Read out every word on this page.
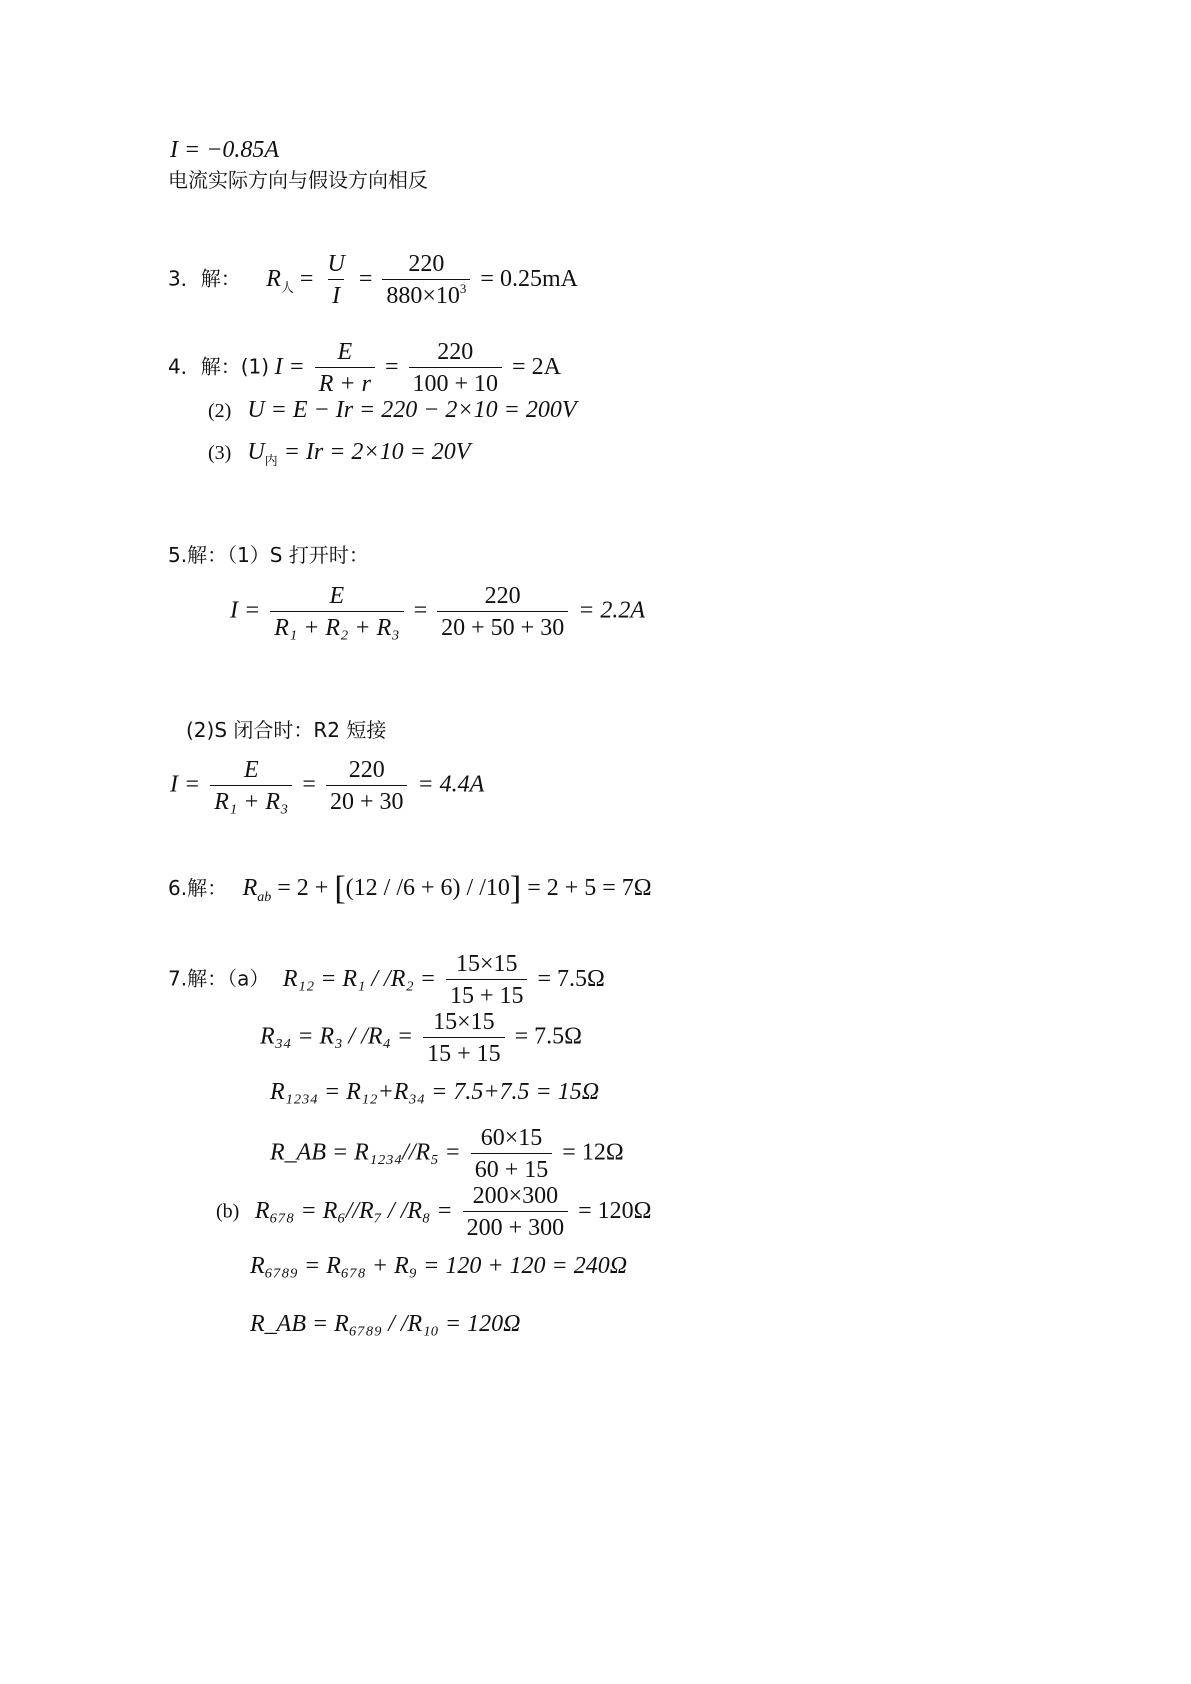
I = −0.85A
电流实际方向与假设方向相反
3．解： $R_人 = \frac{U}{I} = \frac{220}{880\times 10^3} = 0.25mA$
4．解：(1) $I = \frac{E}{R + r} = \frac{220}{100 + 10} = 2A$
(2) U = E − Ir = 220 − 2×10 = 200V
(3) $U_内 = Ir = 2\times 10 = 20V$
5.解：（1）S 打开时：
$I = \frac{E}{\text{R₁ + R₂ + R₃}} = \frac{220}{20 + 50 + 30} = 2.2A$
(2)S 闭合时：R2 短接
$I = \frac{E}{\text{R₁ + R₃}} = \frac{220}{20 + 30} = 4.4A$
6.解： $R_{ab} = 2 + [(12 / /6 + 6) / /10] = 2 + 5 = 7\Omega$
7.解：（a） $R_{12} = R_1 / /R_2 = \frac{15\times 15}{15 + 15} = 7.5\Omega$
$R_{34} = R_3 / /R_4 = \frac{15\times 15}{15 + 15} = 7.5\Omega$
R₁₂₃₄ = R₁₂+R₃₄ = 7.5+7.5 = 15Ω
R_AB = $R_{1234}//R_5 = \frac{60\times 15}{60 + 15} = 12\Omega$
(b) $R_{678} = R_6//R_7 / /R_8 = \frac{200\times 300}{200 + 300} = 120\Omega$
R₆₇₈₉ = R₆₇₈ + R₉ = 120 + 120 = 240Ω
R_AB = R₆₇₈₉ / /R₁₀ = 120Ω
